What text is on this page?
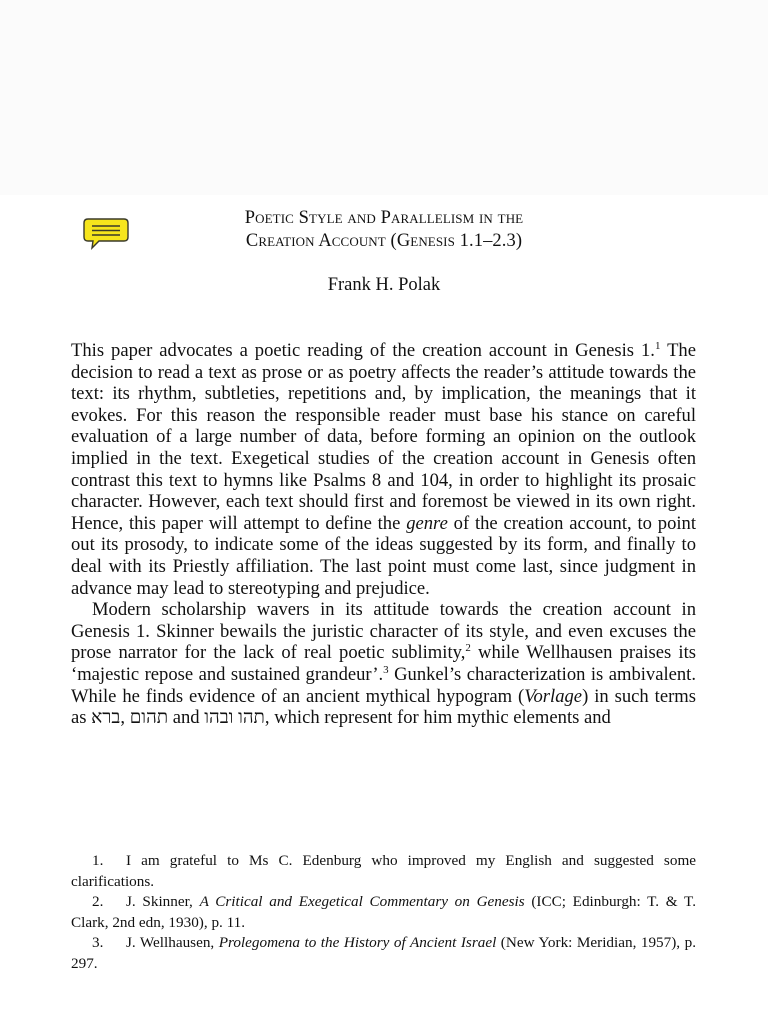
Poetic Style and Parallelism in the
Creation Account (Genesis 1.1–2.3)
Frank H. Polak

This paper advocates a poetic reading of the creation account in Genesis 1.$^1$ The decision to read a text as prose or as poetry affects the reader’s attitude towards the text: its rhythm, subtleties, repetitions and, by implication, the meanings that it evokes. For this reason the responsible reader must base his stance on careful evaluation of a large number of data, before forming an opinion on the outlook implied in the text. Exegetical studies of the creation account in Genesis often contrast this text to hymns like Psalms 8 and 104, in order to highlight its prosaic character. However, each text should first and foremost be viewed in its own right. Hence, this paper will attempt to define the genre of the creation account, to point out its prosody, to indicate some of the ideas suggested by its form, and finally to deal with its Priestly affiliation. The last point must come last, since judgment in advance may lead to stereotyping and prejudice.

Modern scholarship wavers in its attitude towards the creation account in Genesis 1. Skinner bewails the juristic character of its style, and even excuses the prose narrator for the lack of real poetic sublimity,$^2$ while Wellhausen praises its ‘majestic repose and sustained grandeur’.$^3$ Gunkel’s characterization is ambivalent. While he finds evidence of an ancient mythical hypogram (Vorlage) in such terms as ברא, תהום and תהו ובהו, which represent for him mythic elements and

1. I am grateful to Ms C. Edenburg who improved my English and suggested some clarifications.

2. J. Skinner, A Critical and Exegetical Commentary on Genesis (ICC; Edinburgh: T. & T. Clark, 2nd edn, 1930), p. 11.

3. J. Wellhausen, Prolegomena to the History of Ancient Israel (New York: Meridian, 1957), p. 297.
